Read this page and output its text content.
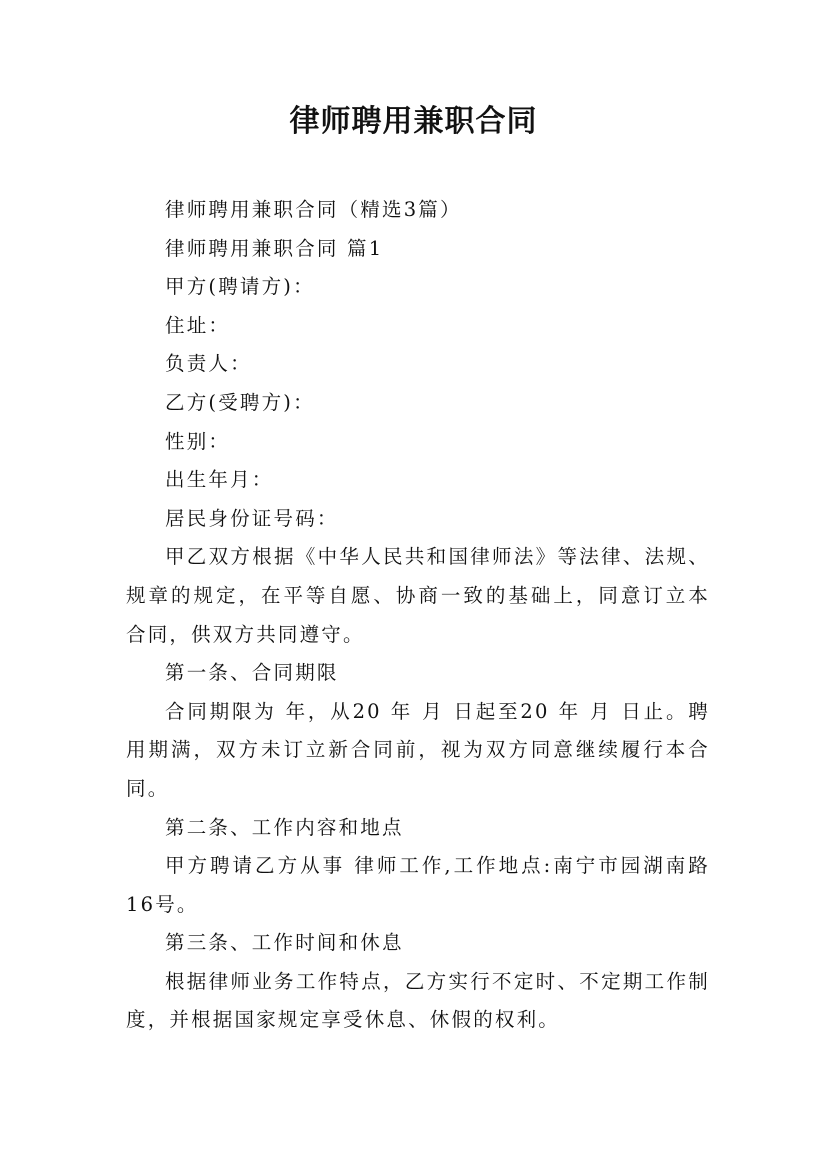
律师聘用兼职合同

律师聘用兼职合同（精选3篇）

律师聘用兼职合同 篇1

甲方(聘请方)：

住址：

负责人：

乙方(受聘方)：

性别：

出生年月：

居民身份证号码：

甲乙双方根据《中华人民共和国律师法》等法律、法规、规章的规定，在平等自愿、协商一致的基础上，同意订立本合同，供双方共同遵守。

第一条、合同期限

合同期限为 年，从20 年 月 日起至20 年 月 日止。聘用期满，双方未订立新合同前，视为双方同意继续履行本合同。

第二条、工作内容和地点

甲方聘请乙方从事 律师工作,工作地点:南宁市园湖南路16号。

第三条、工作时间和休息

根据律师业务工作特点，乙方实行不定时、不定期工作制度，并根据国家规定享受休息、休假的权利。
